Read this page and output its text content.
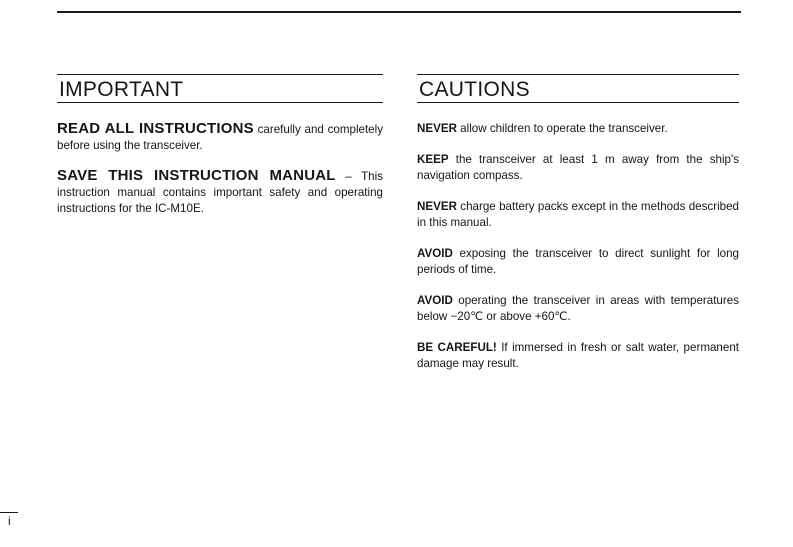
IMPORTANT

READ ALL INSTRUCTIONS carefully and completely before using the transceiver.

SAVE THIS INSTRUCTION MANUAL – This instruction manual contains important safety and operating instructions for the IC-M10E.

CAUTIONS

NEVER allow children to operate the transceiver.

KEEP the transceiver at least 1 m away from the ship's navigation compass.

NEVER charge battery packs except in the methods described in this manual.

AVOID exposing the transceiver to direct sunlight for long periods of time.

AVOID operating the transceiver in areas with temperatures below −20℃ or above +60℃.

BE CAREFUL! If immersed in fresh or salt water, permanent damage may result.

i
